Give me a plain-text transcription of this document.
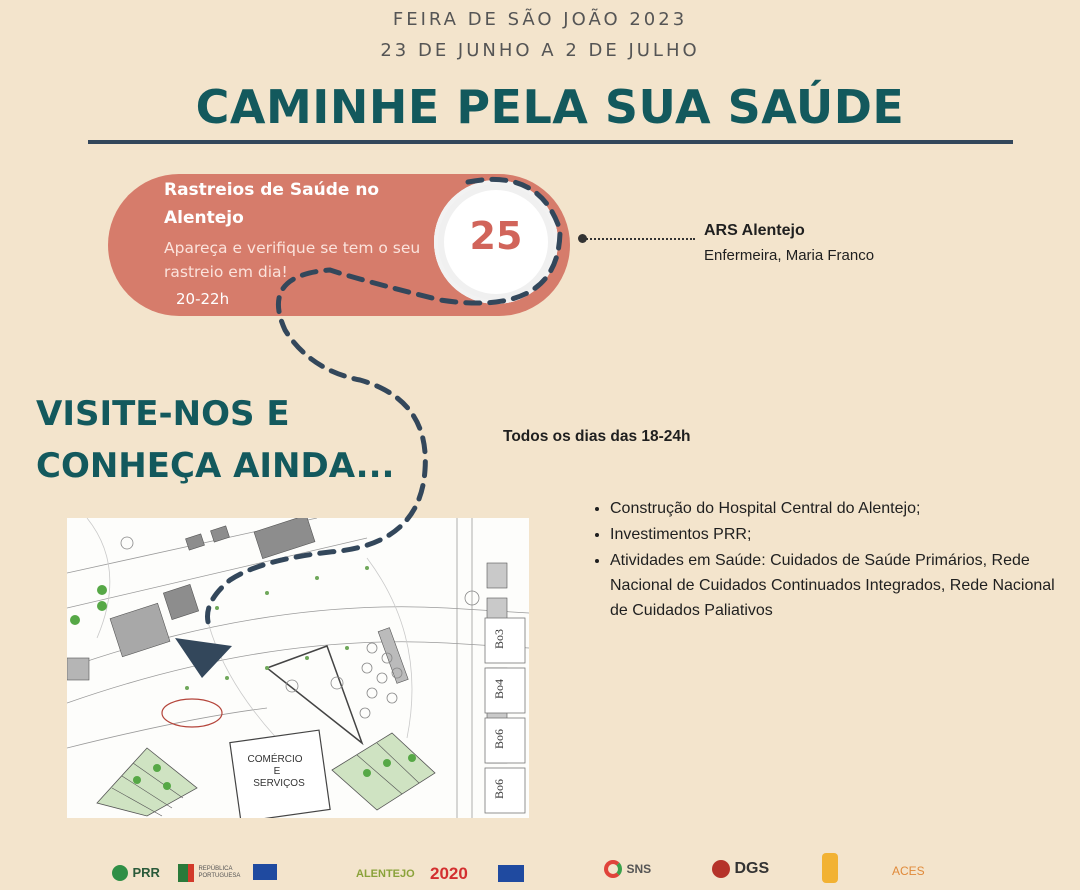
FEIRA DE SÃO JOÃO 2023
23 DE JUNHO A 2 DE JULHO
CAMINHE PELA SUA SAÚDE
Rastreios de Saúde no Alentejo
Apareça e verifique se tem o seu rastreio em dia!
20-22h
25	ARS Alentejo
Enfermeira, Maria Franco
VISITE-NOS E CONHEÇA AINDA...
Todos os dias das 18-24h
• Construção do Hospital Central do Alentejo;
• Investimentos PRR;
• Atividades em Saúde: Cuidados de Saúde Primários, Rede Nacional de Cuidados Continuados Integrados, Rede Nacional de Cuidados Paliativos
Bo3
Bo4
Bo6
Bo6
COMÉRCIO
E
SERVIÇOS
PRR	REPÚBLICA
PORTUGUESA	ALENTEJO 2020	SNS	DGS	ACES
